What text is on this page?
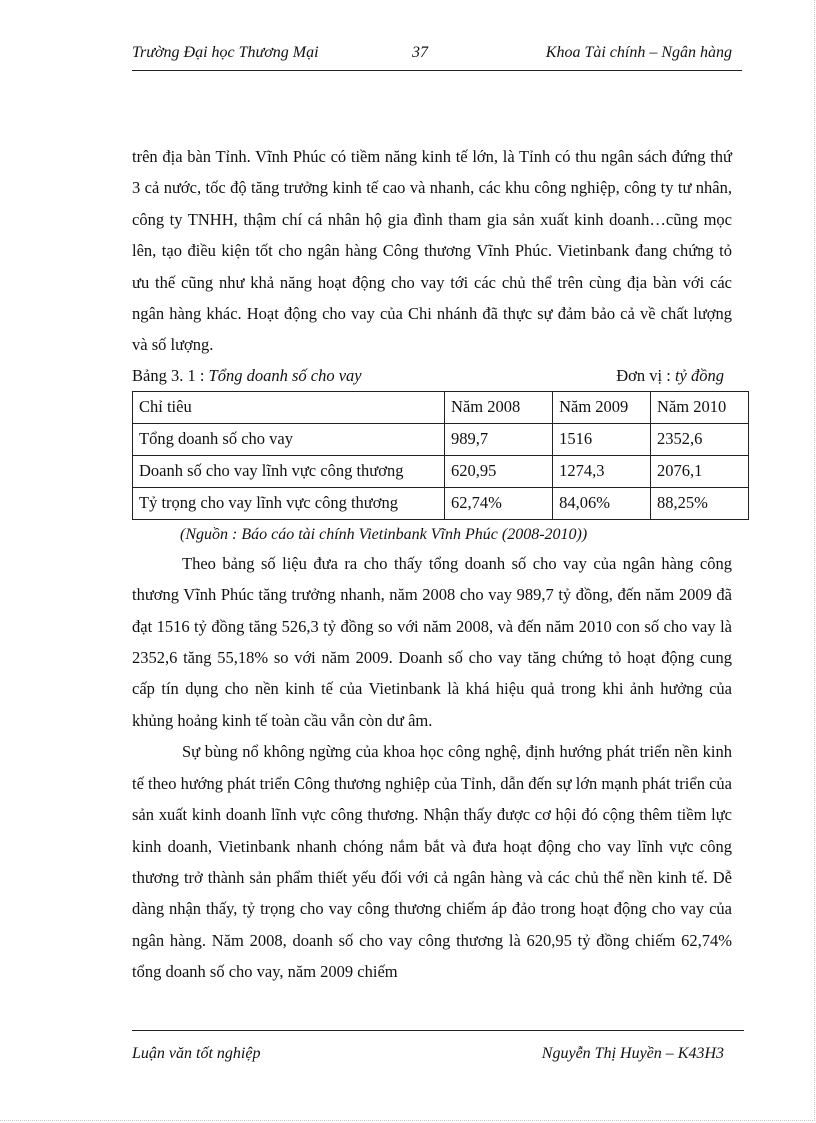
Trường Đại học Thương Mại	37	Khoa Tài chính – Ngân hàng

trên địa bàn Tỉnh. Vĩnh Phúc có tiềm năng kinh tế lớn, là Tỉnh có thu ngân sách đứng thứ 3 cả nước, tốc độ tăng trưởng kinh tế cao và nhanh, các khu công nghiệp, công ty tư nhân, công ty TNHH, thậm chí cá nhân hộ gia đình tham gia sản xuất kinh doanh…cũng mọc lên, tạo điều kiện tốt cho ngân hàng Công thương Vĩnh Phúc. Vietinbank đang chứng tỏ ưu thế cũng như khả năng hoạt động cho vay tới các chủ thể trên cùng địa bàn với các ngân hàng khác. Hoạt động cho vay của Chi nhánh đã thực sự đảm bảo cả về chất lượng và số lượng.

Bảng 3. 1 : Tổng doanh số cho vay	Đơn vị : tỷ đồng
Chỉ tiêu	Năm 2008	Năm 2009	Năm 2010
Tổng doanh số cho vay	989,7	1516	2352,6
Doanh số cho vay lĩnh vực công thương	620,95	1274,3	2076,1
Tỷ trọng cho vay lĩnh vực công thương	62,74%	84,06%	88,25%
(Nguồn : Báo cáo tài chính Vietinbank Vĩnh Phúc (2008-2010))

Theo bảng số liệu đưa ra cho thấy tổng doanh số cho vay của ngân hàng công thương Vĩnh Phúc tăng trưởng nhanh, năm 2008 cho vay 989,7 tỷ đồng, đến năm 2009 đã đạt 1516 tỷ đồng tăng 526,3 tỷ đồng so với năm 2008, và đến năm 2010 con số cho vay là 2352,6 tăng 55,18% so với năm 2009. Doanh số cho vay tăng chứng tỏ hoạt động cung cấp tín dụng cho nền kinh tế của Vietinbank là khá hiệu quả trong khi ảnh hưởng của khủng hoảng kinh tế toàn cầu vẫn còn dư âm.

Sự bùng nổ không ngừng của khoa học công nghệ, định hướng phát triển nền kinh tế theo hướng phát triển Công thương nghiệp của Tỉnh, dẫn đến sự lớn mạnh phát triển của sản xuất kinh doanh lĩnh vực công thương. Nhận thấy được cơ hội đó cộng thêm tiềm lực kinh doanh, Vietinbank nhanh chóng nắm bắt và đưa hoạt động cho vay lĩnh vực công thương trở thành sản phẩm thiết yếu đối với cả ngân hàng và các chủ thể nền kinh tế. Dễ dàng nhận thấy, tỷ trọng cho vay công thương chiếm áp đảo trong hoạt động cho vay của ngân hàng. Năm 2008, doanh số cho vay công thương là 620,95 tỷ đồng chiếm 62,74% tổng doanh số cho vay, năm 2009 chiếm

Luận văn tốt nghiệp	Nguyễn Thị Huyền – K43H3
